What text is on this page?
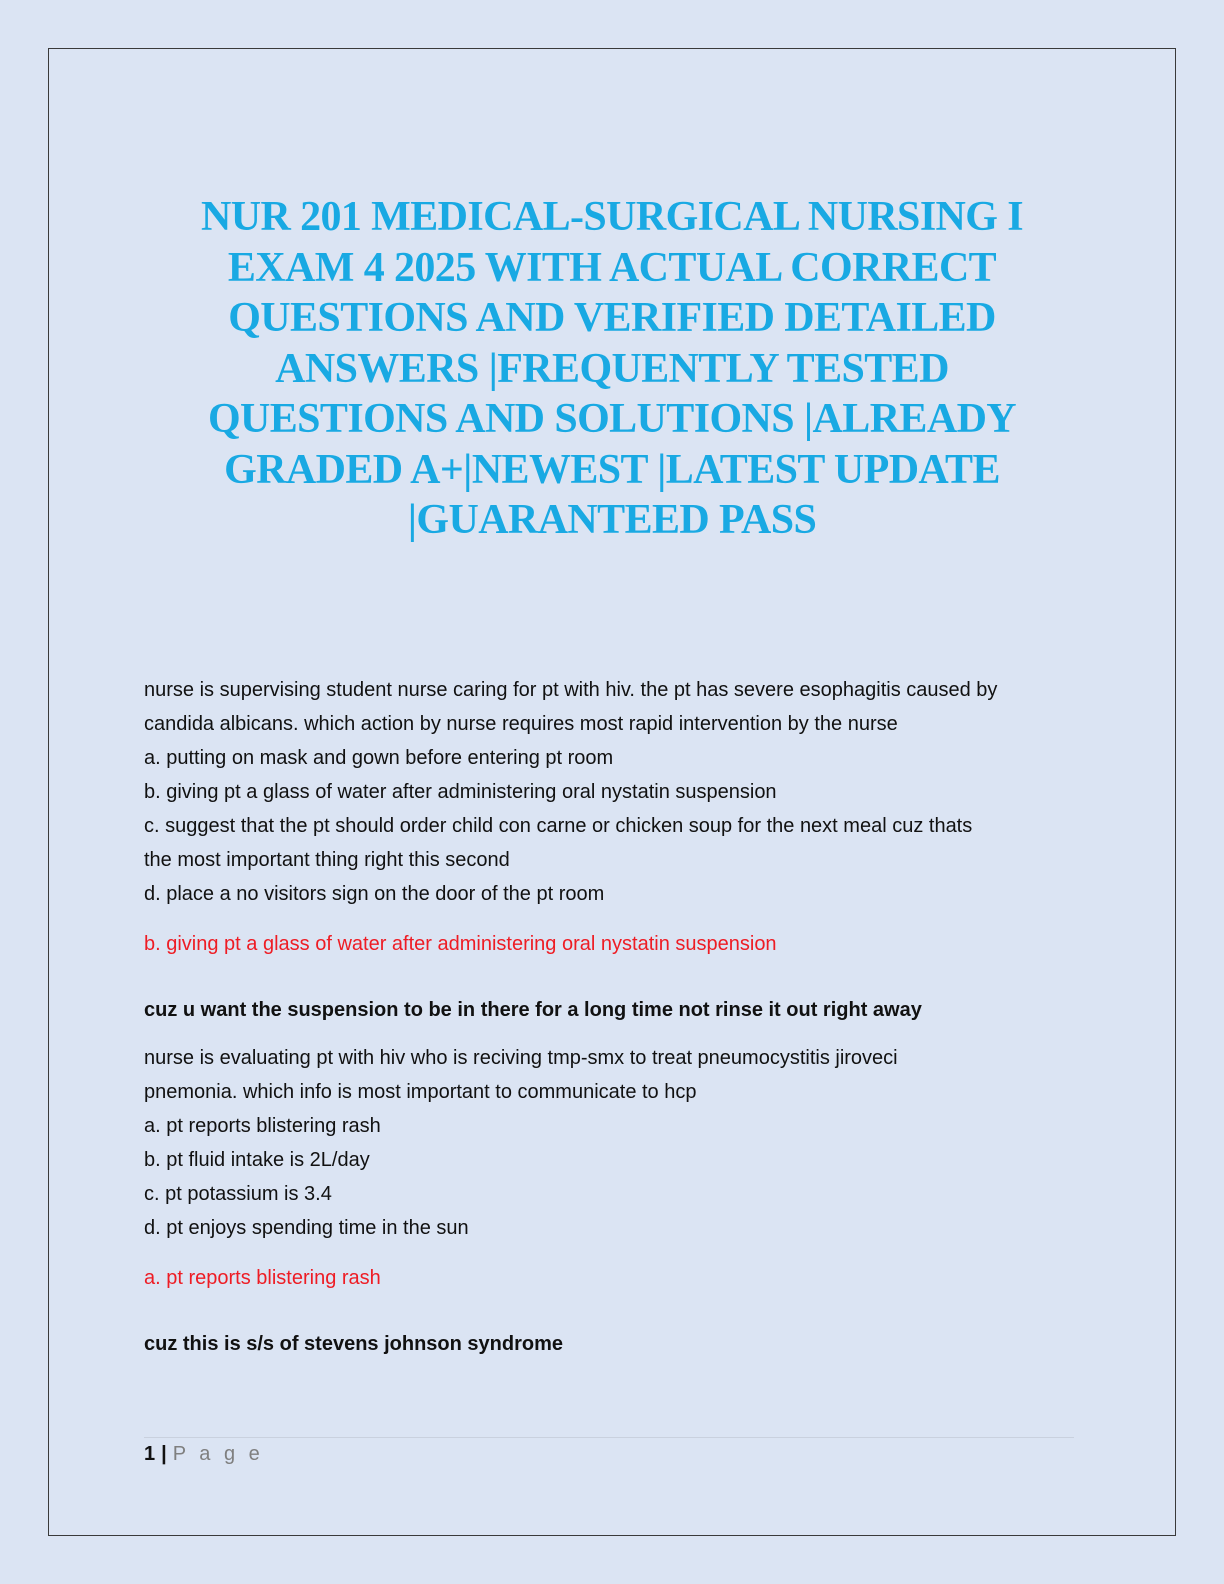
NUR 201 MEDICAL-SURGICAL NURSING I
EXAM 4 2025 WITH ACTUAL CORRECT
QUESTIONS AND VERIFIED DETAILED
ANSWERS |FREQUENTLY TESTED
QUESTIONS AND SOLUTIONS |ALREADY
GRADED A+|NEWEST |LATEST UPDATE
|GUARANTEED PASS

nurse is supervising student nurse caring for pt with hiv. the pt has severe esophagitis caused by

candida albicans. which action by nurse requires most rapid intervention by the nurse

a. putting on mask and gown before entering pt room

b. giving pt a glass of water after administering oral nystatin suspension

c. suggest that the pt should order child con carne or chicken soup for the next meal cuz thats

the most important thing right this second

d. place a no visitors sign on the door of the pt room

b. giving pt a glass of water after administering oral nystatin suspension

cuz u want the suspension to be in there for a long time not rinse it out right away

nurse is evaluating pt with hiv who is reciving tmp-smx to treat pneumocystitis jiroveci

pnemonia. which info is most important to communicate to hcp

a. pt reports blistering rash

b. pt fluid intake is 2L/day

c. pt potassium is 3.4

d. pt enjoys spending time in the sun

a. pt reports blistering rash

cuz this is s/s of stevens johnson syndrome

1 | P a g e
